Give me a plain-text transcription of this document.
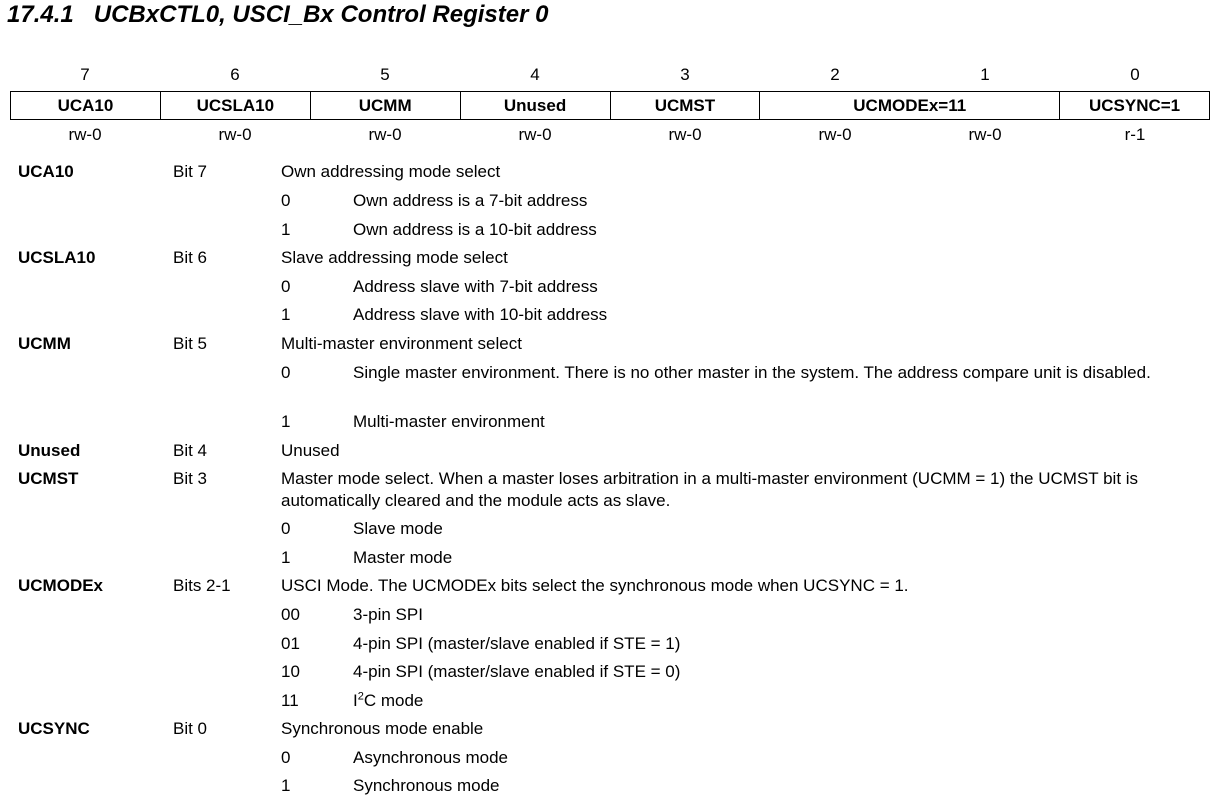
17.4.1   UCBxCTL0, USCI_Bx Control Register 0
7	6	5	4	3	2	1	0
UCA10	UCSLA10	UCMM	Unused	UCMST	UCMODEx=11	UCSYNC=1
rw-0	rw-0	rw-0	rw-0	rw-0	rw-0	rw-0	r-1
UCA10	Bit 7	Own addressing mode select
0	Own address is a 7-bit address
1	Own address is a 10-bit address
UCSLA10	Bit 6	Slave addressing mode select
0	Address slave with 7-bit address
1	Address slave with 10-bit address
UCMM	Bit 5	Multi-master environment select
0	Single master environment. There is no other master in the system. The address compare unit is disabled.
1	Multi-master environment
Unused	Bit 4	Unused
UCMST	Bit 3	Master mode select. When a master loses arbitration in a multi-master environment (UCMM = 1) the UCMST bit is automatically cleared and the module acts as slave.
0	Slave mode
1	Master mode
UCMODEx	Bits 2-1	USCI Mode. The UCMODEx bits select the synchronous mode when UCSYNC = 1.
00	3-pin SPI
01	4-pin SPI (master/slave enabled if STE = 1)
10	4-pin SPI (master/slave enabled if STE = 0)
11	$I^2C$ mode
UCSYNC	Bit 0	Synchronous mode enable
0	Asynchronous mode
1	Synchronous mode
